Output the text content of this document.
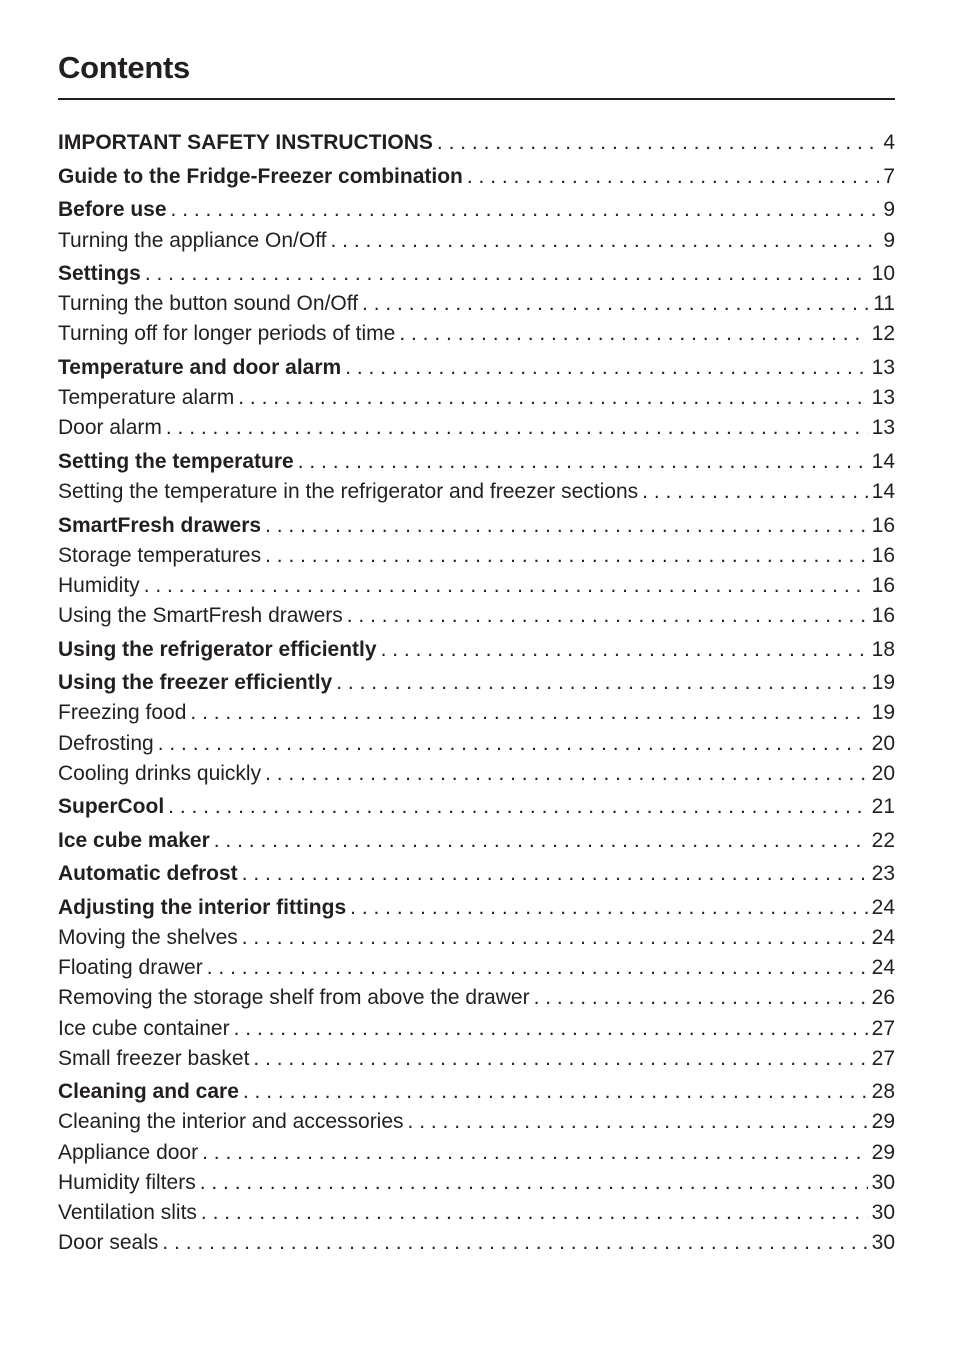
Contents
IMPORTANT SAFETY INSTRUCTIONS . . .	4
Guide to the Fridge-Freezer combination . . .	7
Before use . . .	9
Turning the appliance On/Off . . .	9
Settings . . .	10
Turning the button sound On/Off . . .	11
Turning off for longer periods of time . . .	12
Temperature and door alarm . . .	13
Temperature alarm . . .	13
Door alarm . . .	13
Setting the temperature . . .	14
Setting the temperature in the refrigerator and freezer sections . . .	14
SmartFresh drawers . . .	16
Storage temperatures . . .	16
Humidity . . .	16
Using the SmartFresh drawers . . .	16
Using the refrigerator efficiently . . .	18
Using the freezer efficiently . . .	19
Freezing food . . .	19
Defrosting . . .	20
Cooling drinks quickly . . .	20
SuperCool . . .	21
Ice cube maker . . .	22
Automatic defrost . . .	23
Adjusting the interior fittings . . .	24
Moving the shelves . . .	24
Floating drawer . . .	24
Removing the storage shelf from above the drawer . . .	26
Ice cube container . . .	27
Small freezer basket . . .	27
Cleaning and care . . .	28
Cleaning the interior and accessories . . .	29
Appliance door . . .	29
Humidity filters . . .	30
Ventilation slits . . .	30
Door seals . . .	30
